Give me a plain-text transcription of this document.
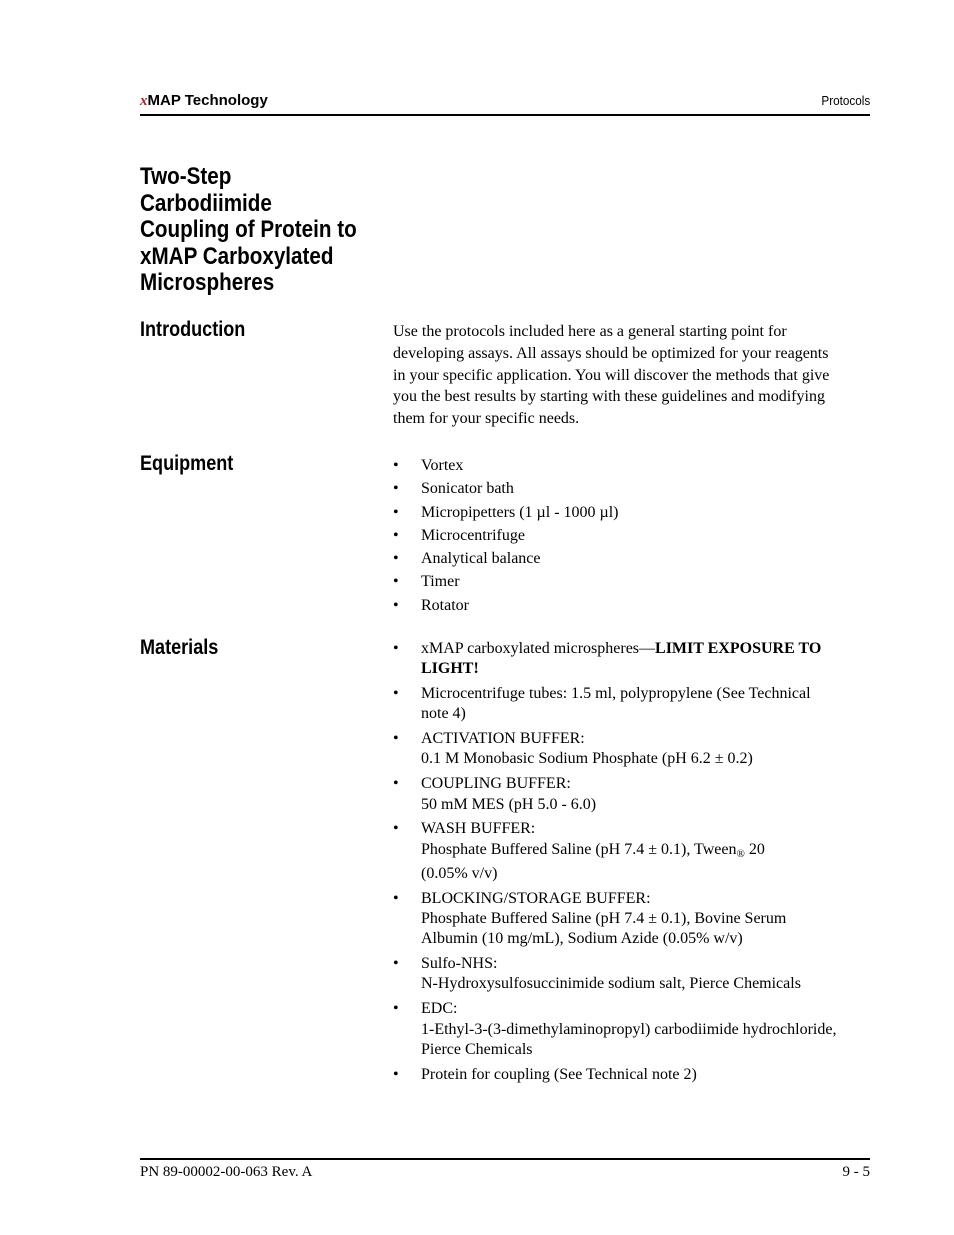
xMAP Technology	Protocols
Two-Step
Carbodiimide
Coupling of Protein to
xMAP Carboxylated
Microspheres
Introduction	Use the protocols included here as a general starting point for
developing assays. All assays should be optimized for your reagents
in your specific application. You will discover the methods that give
you the best results by starting with these guidelines and modifying
them for your specific needs.
Equipment	• Vortex
• Sonicator bath
• Micropipetters (1 µl - 1000 µl)
• Microcentrifuge
• Analytical balance
• Timer
• Rotator
Materials	• xMAP carboxylated microspheres—LIMIT EXPOSURE TO
LIGHT!
• Microcentrifuge tubes: 1.5 ml, polypropylene (See Technical
note 4)
• ACTIVATION BUFFER:
0.1 M Monobasic Sodium Phosphate (pH 6.2 ± 0.2)
• COUPLING BUFFER:
50 mM MES (pH 5.0 - 6.0)
• WASH BUFFER:
Phosphate Buffered Saline (pH 7.4 ± 0.1), Tween® 20
(0.05% v/v)
• BLOCKING/STORAGE BUFFER:
Phosphate Buffered Saline (pH 7.4 ± 0.1), Bovine Serum
Albumin (10 mg/mL), Sodium Azide (0.05% w/v)
• Sulfo-NHS:
N-Hydroxysulfosuccinimide sodium salt, Pierce Chemicals
• EDC:
1-Ethyl-3-(3-dimethylaminopropyl) carbodiimide hydrochloride,
Pierce Chemicals
• Protein for coupling (See Technical note 2)
PN 89-00002-00-063 Rev. A	9 - 5
